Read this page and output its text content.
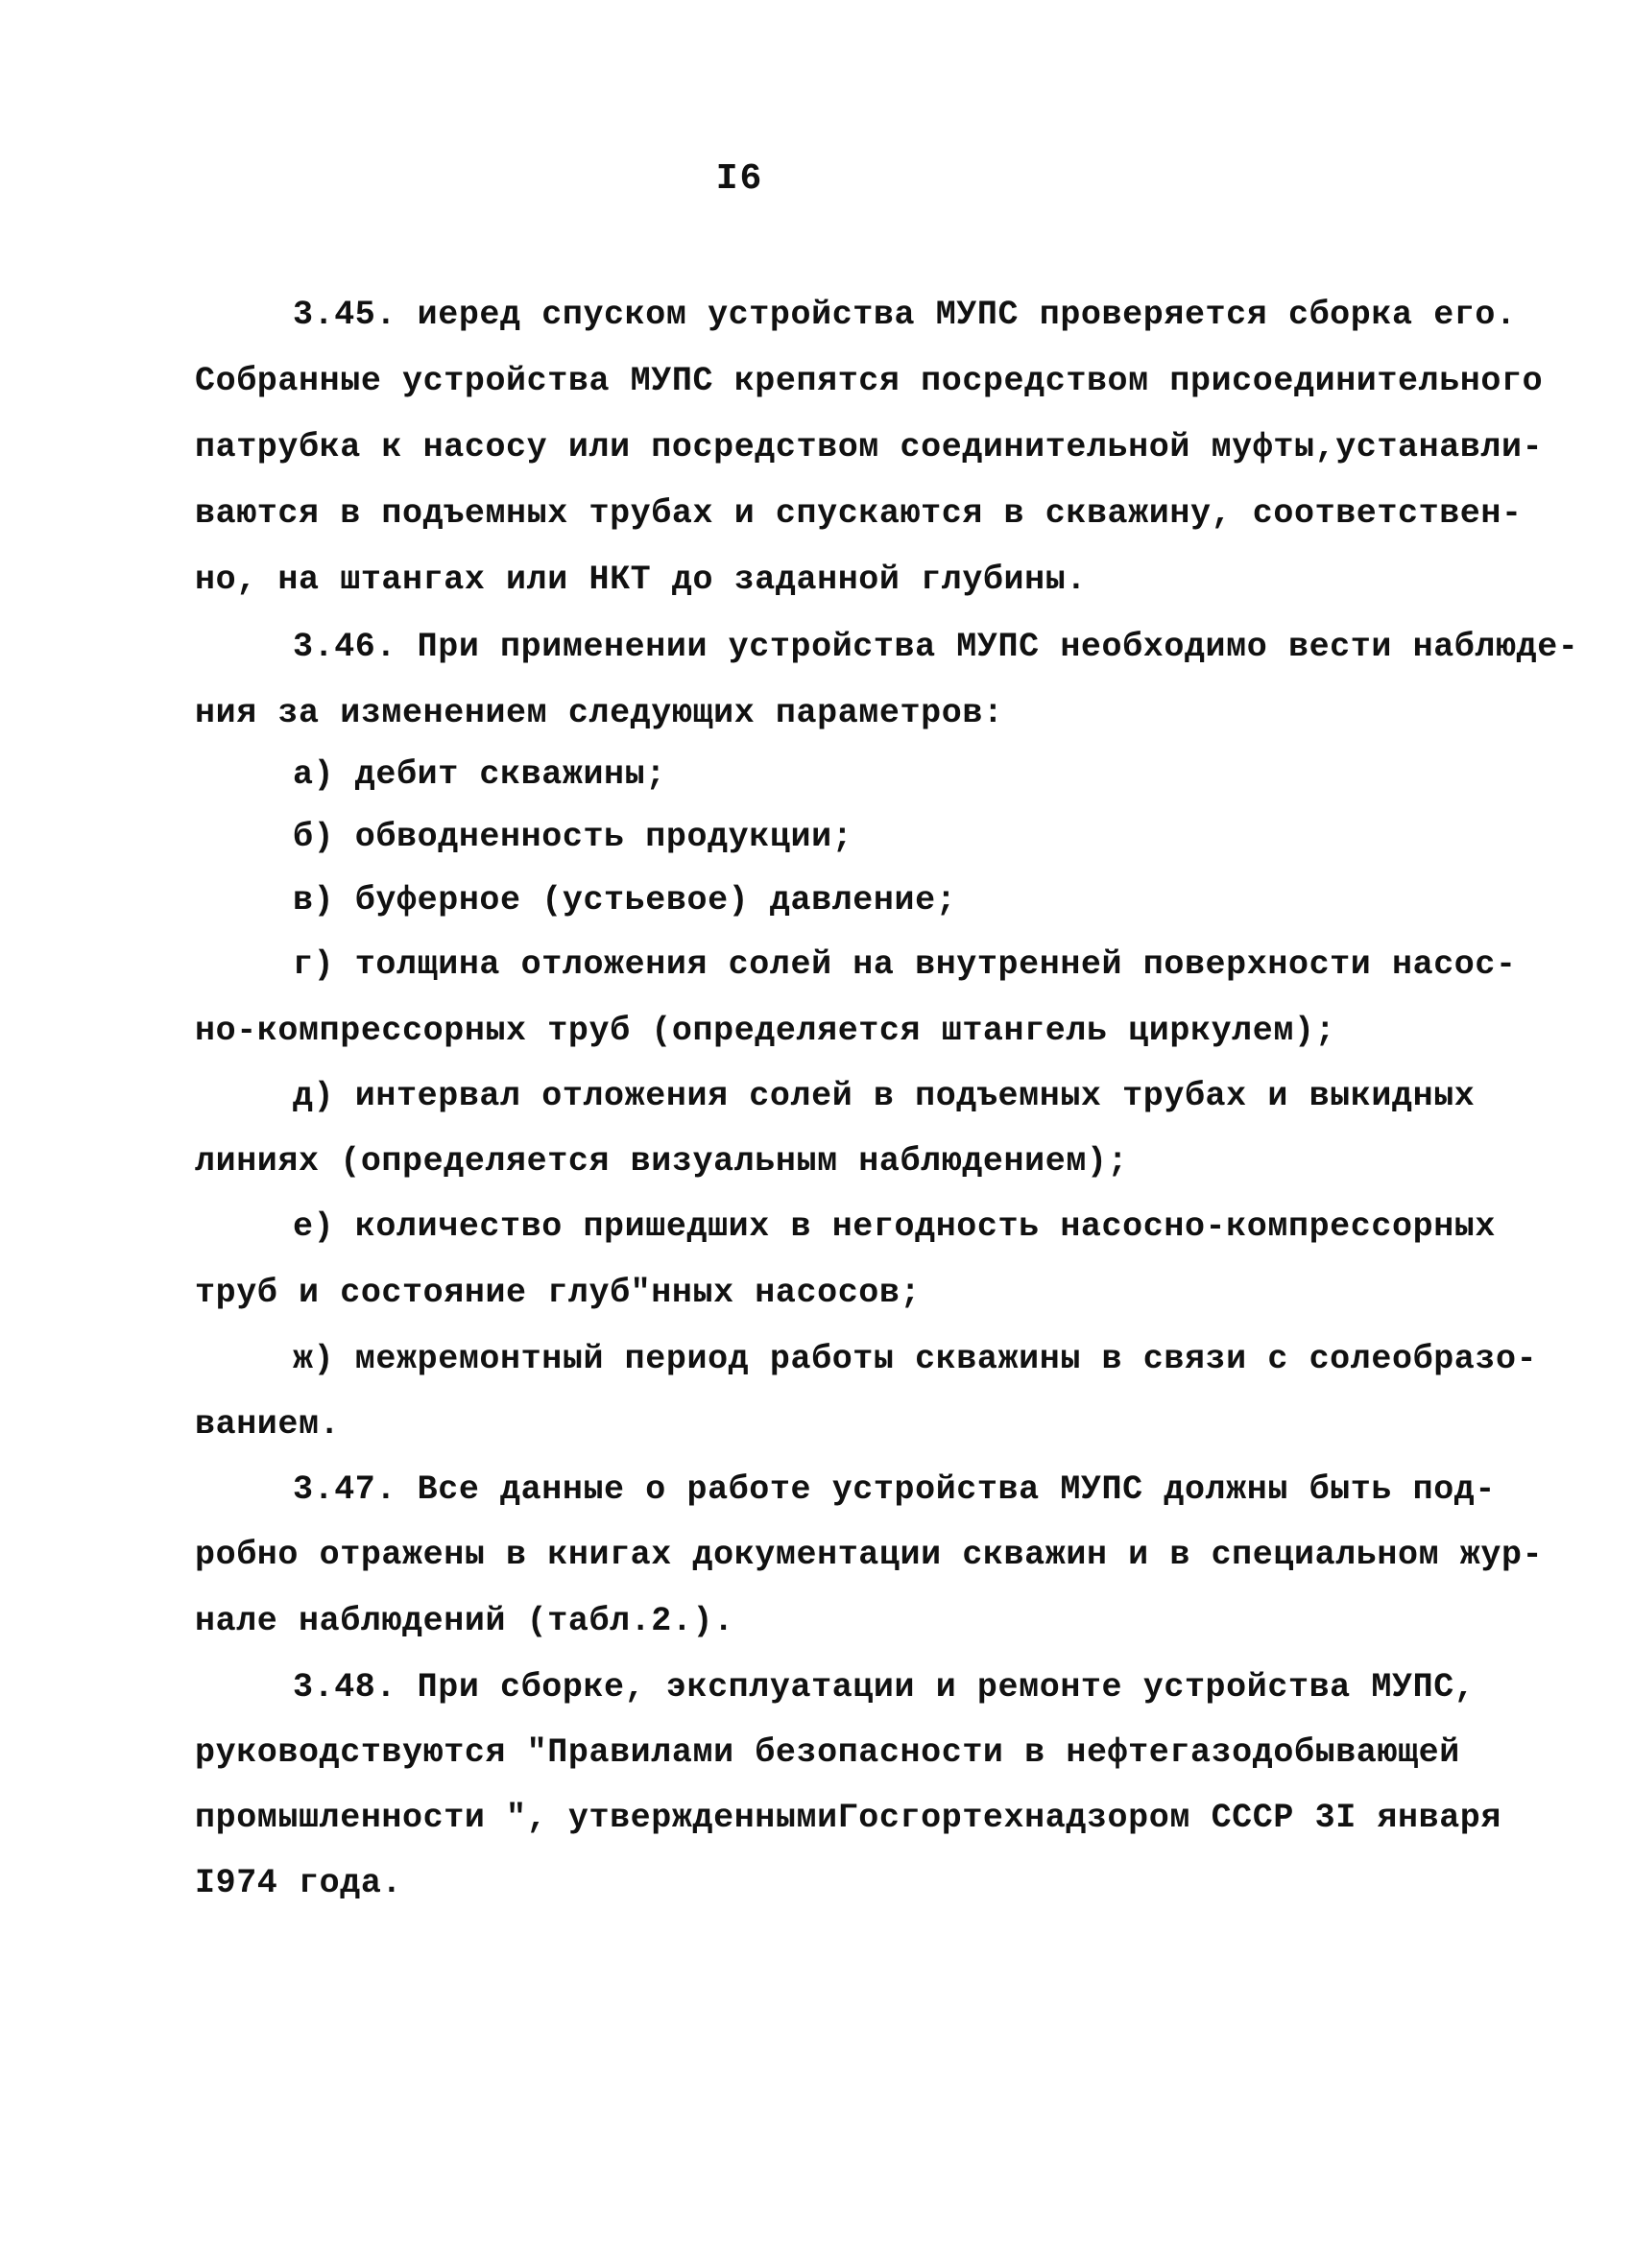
I6
3.45. иеред спуском устройства МУПС проверяется сборка его.
Собранные устройства МУПС крепятся посредством присоединительного
патрубка к насосу или посредством соединительной муфты,устанавли-
ваются в подъемных трубах и спускаются в скважину, соответствен-
но, на штангах или НКТ до заданной глубины.
3.46. При применении устройства МУПС необходимо вести наблюде-
ния за изменением следующих параметров:
а) дебит скважины;
б) обводненность продукции;
в) буферное (устьевое) давление;
г) толщина отложения солей на внутренней поверхности насос-
но-компрессорных труб (определяется штангель циркулем);
д) интервал отложения солей в подъемных трубах и выкидных
линиях (определяется визуальным наблюдением);
е) количество пришедших в негодность насосно-компрессорных
труб и состояние глуб"нных насосов;
ж) межремонтный период работы скважины в связи с солеобразо-
ванием.
3.47. Все данные о работе устройства МУПС должны быть под-
робно отражены в книгах документации скважин и в специальном жур-
нале наблюдений (табл.2.).
3.48. При сборке, эксплуатации и ремонте устройства МУПС,
руководствуются "Правилами безопасности в нефтегазодобывающей
промышленности ", утвержденнымиГосгортехнадзором СССР 3I января
I974 года.
